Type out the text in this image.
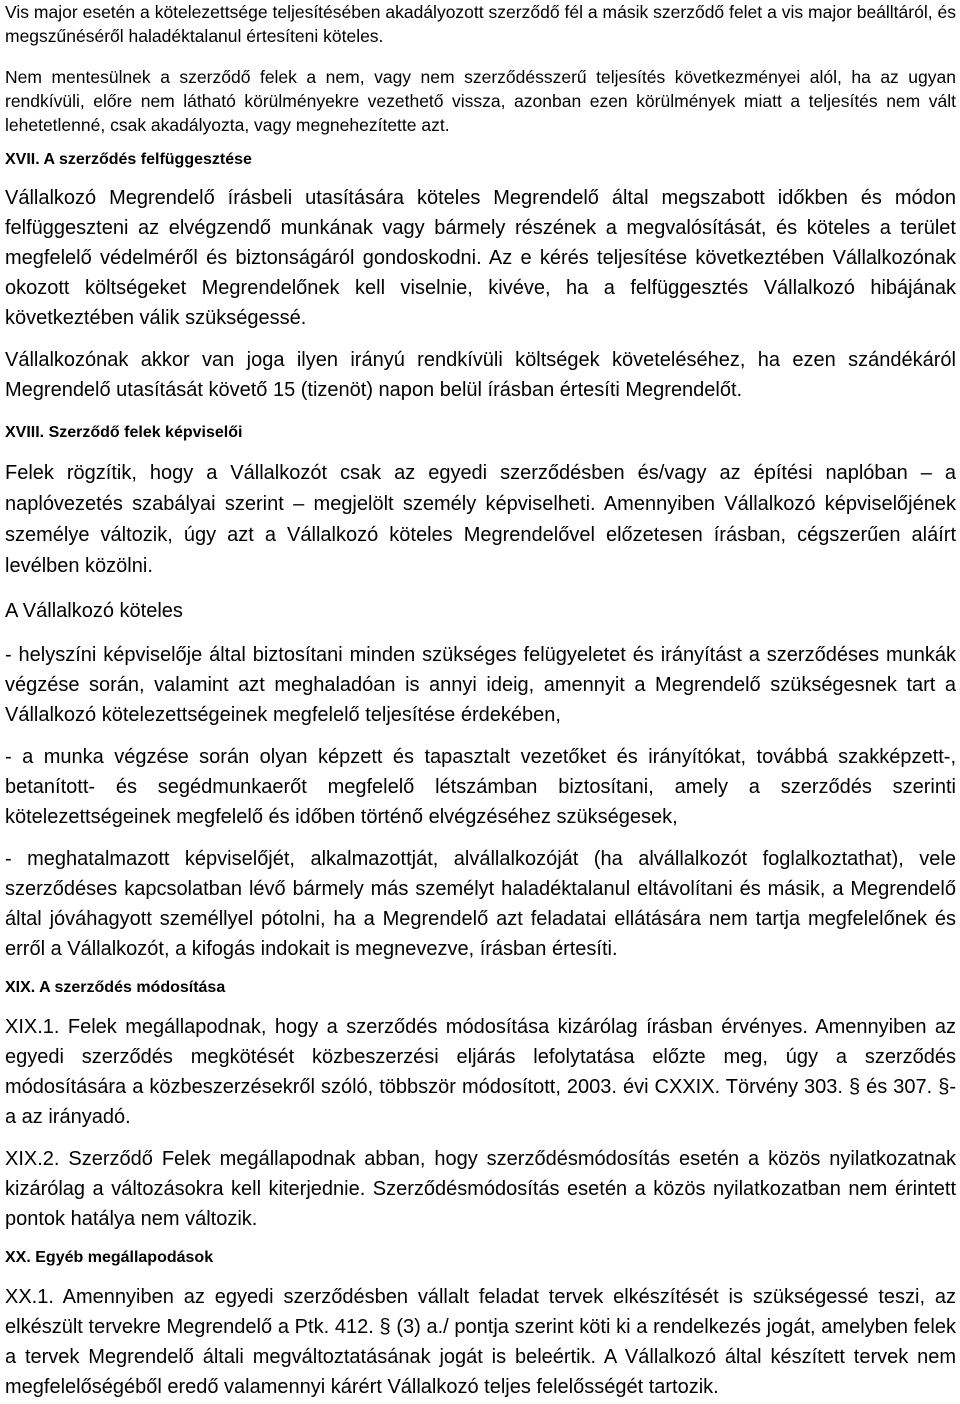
Vis major esetén a kötelezettsége teljesítésében akadályozott szerződő fél a másik szerződő felet a vis major beálltáról, és megszűnéséről haladéktalanul értesíteni köteles.

Nem mentesülnek a szerződő felek a nem, vagy nem szerződésszerű teljesítés következményei alól, ha az ugyan rendkívüli, előre nem látható körülményekre vezethető vissza, azonban ezen körülmények miatt a teljesítés nem vált lehetetlenné, csak akadályozta, vagy megnehezítette azt.

XVII. A szerződés felfüggesztése

Vállalkozó Megrendelő írásbeli utasítására köteles Megrendelő által megszabott időkben és módon felfüggeszteni az elvégzendő munkának vagy bármely részének a megvalósítását, és köteles a terület megfelelő védelméről és biztonságáról gondoskodni. Az e kérés teljesítése következtében Vállalkozónak okozott költségeket Megrendelőnek kell viselnie, kivéve, ha a felfüggesztés Vállalkozó hibájának következtében válik szükségessé.

Vállalkozónak akkor van joga ilyen irányú rendkívüli költségek követeléséhez, ha ezen szándékáról Megrendelő utasítását követő 15 (tizenöt) napon belül írásban értesíti Megrendelőt.

XVIII. Szerződő felek képviselői

Felek rögzítik, hogy a Vállalkozót csak az egyedi szerződésben és/vagy az építési naplóban – a naplóvezetés szabályai szerint – megjelölt személy képviselheti. Amennyiben Vállalkozó képviselőjének személye változik, úgy azt a Vállalkozó köteles Megrendelővel előzetesen írásban, cégszerűen aláírt levélben közölni.

A Vállalkozó köteles

- helyszíni képviselője által biztosítani minden szükséges felügyeletet és irányítást a szerződéses munkák végzése során, valamint azt meghaladóan is annyi ideig, amennyit a Megrendelő szükségesnek tart a Vállalkozó kötelezettségeinek megfelelő teljesítése érdekében,

- a munka végzése során olyan képzett és tapasztalt vezetőket és irányítókat, továbbá szakképzett-, betanított- és segédmunkaerőt megfelelő létszámban biztosítani, amely a szerződés szerinti kötelezettségeinek megfelelő és időben történő elvégzéséhez szükségesek,

- meghatalmazott képviselőjét, alkalmazottját, alvállalkozóját (ha alvállalkozót foglalkoztathat), vele szerződéses kapcsolatban lévő bármely más személyt haladéktalanul eltávolítani és másik, a Megrendelő által jóváhagyott személlyel pótolni, ha a Megrendelő azt feladatai ellátására nem tartja megfelelőnek és erről a Vállalkozót, a kifogás indokait is megnevezve, írásban értesíti.

XIX. A szerződés módosítása

XIX.1. Felek megállapodnak, hogy a szerződés módosítása kizárólag írásban érvényes. Amennyiben az egyedi szerződés megkötését közbeszerzési eljárás lefolytatása előzte meg, úgy a szerződés módosítására a közbeszerzésekről szóló, többször módosított, 2003. évi CXXIX. Törvény 303. § és 307. §-a az irányadó.

XIX.2. Szerződő Felek megállapodnak abban, hogy szerződésmódosítás esetén a közös nyilatkozatnak kizárólag a változásokra kell kiterjednie. Szerződésmódosítás esetén a közös nyilatkozatban nem érintett pontok hatálya nem változik.

XX. Egyéb megállapodások

XX.1. Amennyiben az egyedi szerződésben vállalt feladat tervek elkészítését is szükségessé teszi, az elkészült tervekre Megrendelő a Ptk. 412. § (3) a./ pontja szerint köti ki a rendelkezés jogát, amelyben felek a tervek Megrendelő általi megváltoztatásának jogát is beleértik. A Vállalkozó által készített tervek nem megfelelőségéből eredő valamennyi kárért Vállalkozó teljes felelősségét tartozik.
